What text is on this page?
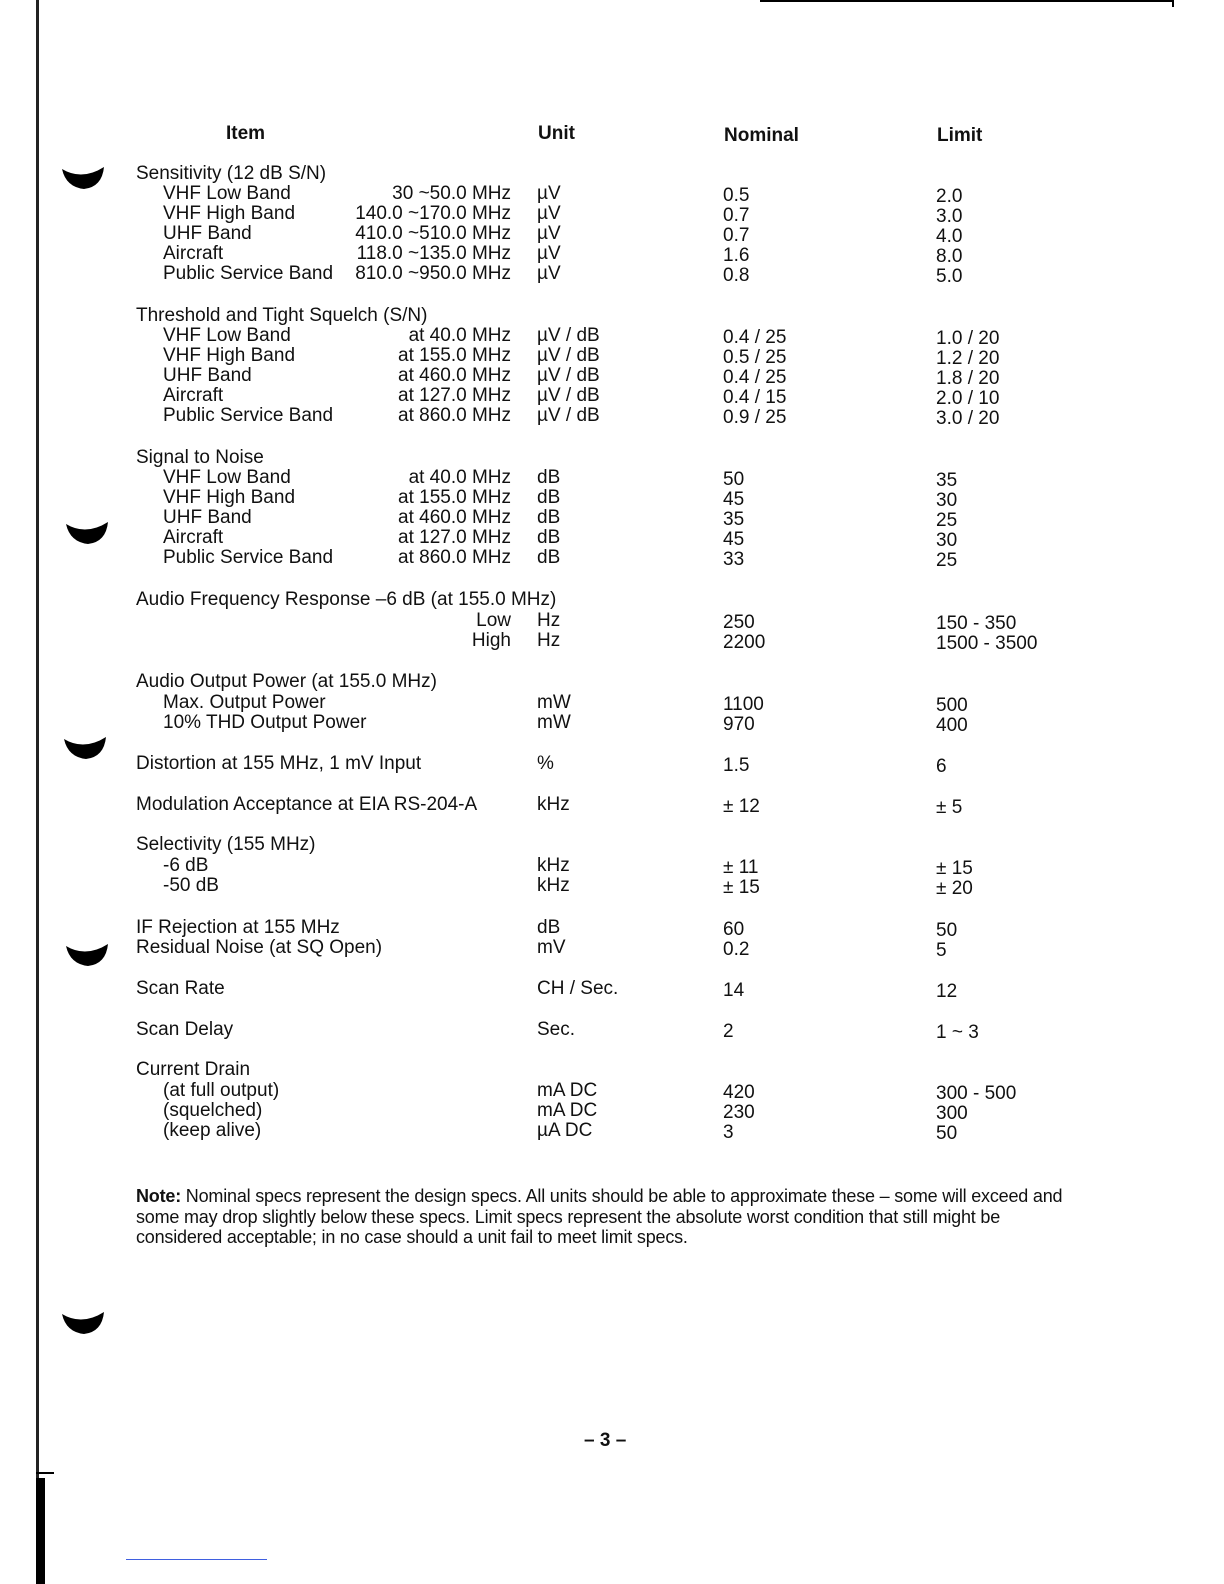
Item	Unit	Nominal	Limit
Sensitivity (12 dB S/N)
VHF Low Band	30 ~50.0 MHz µV	0.5	2.0
VHF High Band	140.0 ~170.0 MHz µV	0.7	3.0
UHF Band	410.0 ~510.0 MHz µV	0.7	4.0
Aircraft	118.0 ~135.0 MHz µV	1.6	8.0
Public Service Band 810.0 ~950.0 MHz µV	0.8	5.0
Threshold and Tight Squelch (S/N)
VHF Low Band	at 40.0 MHz µV / dB	0.4 / 25	1.0 / 20
VHF High Band	at 155.0 MHz µV / dB	0.5 / 25	1.2 / 20
UHF Band	at 460.0 MHz µV / dB	0.4 / 25	1.8 / 20
Aircraft	at 127.0 MHz µV / dB	0.4 / 15	2.0 / 10
Public Service Band	at 860.0 MHz µV / dB	0.9 / 25	3.0 / 20
Signal to Noise
VHF Low Band	at 40.0 MHz dB	50	35
VHF High Band	at 155.0 MHz dB	45	30
UHF Band	at 460.0 MHz dB	35	25
Aircraft	at 127.0 MHz dB	45	30
Public Service Band	at 860.0 MHz dB	33	25
Audio Frequency Response –6 dB (at 155.0 MHz)
Low Hz	250	150 - 350
High Hz	2200	1500 - 3500
Audio Output Power (at 155.0 MHz)
Max. Output Power	mW	1100	500
10% THD Output Power	mW	970	400
Distortion at 155 MHz, 1 mV Input	%	1.5	6
Modulation Acceptance at EIA RS-204-A	kHz	± 12	± 5
Selectivity (155 MHz)
-6 dB	kHz	± 11	± 15
-50 dB	kHz	± 15	± 20
IF Rejection at 155 MHz	dB	60	50
Residual Noise (at SQ Open)	mV	0.2	5
Scan Rate	CH / Sec.	14	12
Scan Delay	Sec.	2	1 ~ 3
Current Drain
(at full output)	mA DC	420	300 - 500
(squelched)	mA DC	230	300
(keep alive)	µA DC	3	50
Note: Nominal specs represent the design specs. All units should be able to approximate these – some will exceed and some may drop slightly below these specs. Limit specs represent the absolute worst condition that still might be considered acceptable; in no case should a unit fail to meet limit specs.
– 3 –
